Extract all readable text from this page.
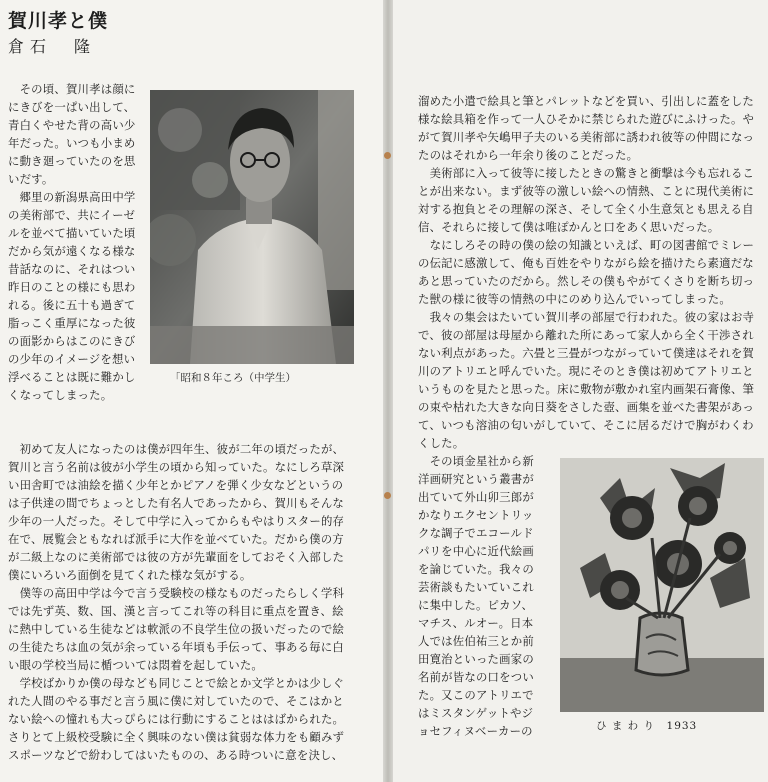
賀川孝と僕
倉石　隆
　その頃、賀川孝は顔に
にきびを一ぱい出して、
青白くやせた背の高い少
年だった。いつも小まめ
に動き廻っていたのを思
いだす。
　郷里の新潟県高田中学
の美術部で、共にイーゼ
ルを並べて描いていた頃
だから気が遠くなる様な
昔話なのに、それはつい
昨日のことの様にも思わ
れる。後に五十も過ぎて
脂っこく重厚になった彼
の面影からはこのにきび
の少年のイメージを想い
浮べることは既に難かし
くなってしまった。
　初めて友人になったのは僕が四年生、彼が二年の頃だったが、
賀川と言う名前は彼が小学生の頃から知っていた。なにしろ草深
い田舎町では油絵を描く少年とかピアノを弾く少女などというの
は子供達の間でちょっとした有名人であったから、賀川もそんな
少年の一人だった。そして中学に入ってからもやはりスター的存
在で、展覧会ともなれば派手に大作を並べていた。だから僕の方
が二級上なのに美術部では彼の方が先輩面をしておそく入部した
僕にいろいろ面倒を見てくれた様な気がする。
　僕等の高田中学は今で言う受験校の様なものだったらしく学科
では先ず英、数、国、漢と言ってこれ等の科目に重点を置き、絵
に熱中している生徒などは軟派の不良学生位の扱いだったので絵
の生徒たちは血の気が余っている年頃も手伝って、事ある毎に白
い眼の学校当局に楯ついては悶着を起していた。
　学校ばかりか僕の母なども同じことで絵とか文学とかは少しぐ
れた人間のやる事だと言う風に僕に対していたので、そこはかと
ない絵への憧れも大っぴらには行動にすることははばかられた。
さりとて上級校受験に全く興味のない僕は貧弱な体力をも顧みず
スポーツなどで紛わしてはいたものの、ある時ついに意を決し、
溜めた小遣で絵具と筆とパレットなどを買い、引出しに蓋をした
様な絵具箱を作って一人ひそかに禁じられた遊びにふけった。や
がて賀川孝や矢嶋甲子夫のいる美術部に誘われ彼等の仲間になっ
たのはそれから一年余り後のことだった。
　美術部に入って彼等に接したときの驚きと衝撃は今も忘れるこ
とが出来ない。まず彼等の激しい絵への情熱、ことに現代美術に
対する抱負とその理解の深さ、そして全く小生意気とも思える自
信、それらに接して僕は唯ぽかんと口をあく思いだった。
　なにしろその時の僕の絵の知識といえば、町の図書館でミレー
の伝記に感激して、俺も百姓をやりながら絵を描けたら素適だな
あと思っていたのだから。然しその僕もやがてくさりを断ち切っ
た獣の様に彼等の情熱の中にのめり込んでいってしまった。
　我々の集会はたいてい賀川孝の部屋で行われた。彼の家はお寺
で、彼の部屋は母屋から離れた所にあって家人から全く干渉され
ない利点があった。六畳と三畳がつながっていて僕達はそれを賀
川のアトリエと呼んでいた。現にそのとき僕は初めてアトリエと
いうものを見たと思った。床に敷物が敷かれ室内画架石膏像、筆
の束や枯れた大きな向日葵をさした壺、画集を並べた書架があっ
て、いつも溶油の匂いがしていて、そこに居るだけで胸がわくわ
くした。
　その頃金星社から新
洋画研究という叢書が
出ていて外山卯三郎が
かなりエクセントリッ
クな調子でエコールド
パリを中心に近代絵画
を論じていた。我々の
芸術談もたいていこれ
に集中した。ピカソ、
マチス、ルオー。日本
人では佐伯祐三とか前
田寛治といった画家の
名前が皆なの口をつい
た。又このアトリエで
はミスタンゲットやジ
ョセフィヌベーカーの
「昭和８年ころ（中学生）
ひ ま わ り　1933
